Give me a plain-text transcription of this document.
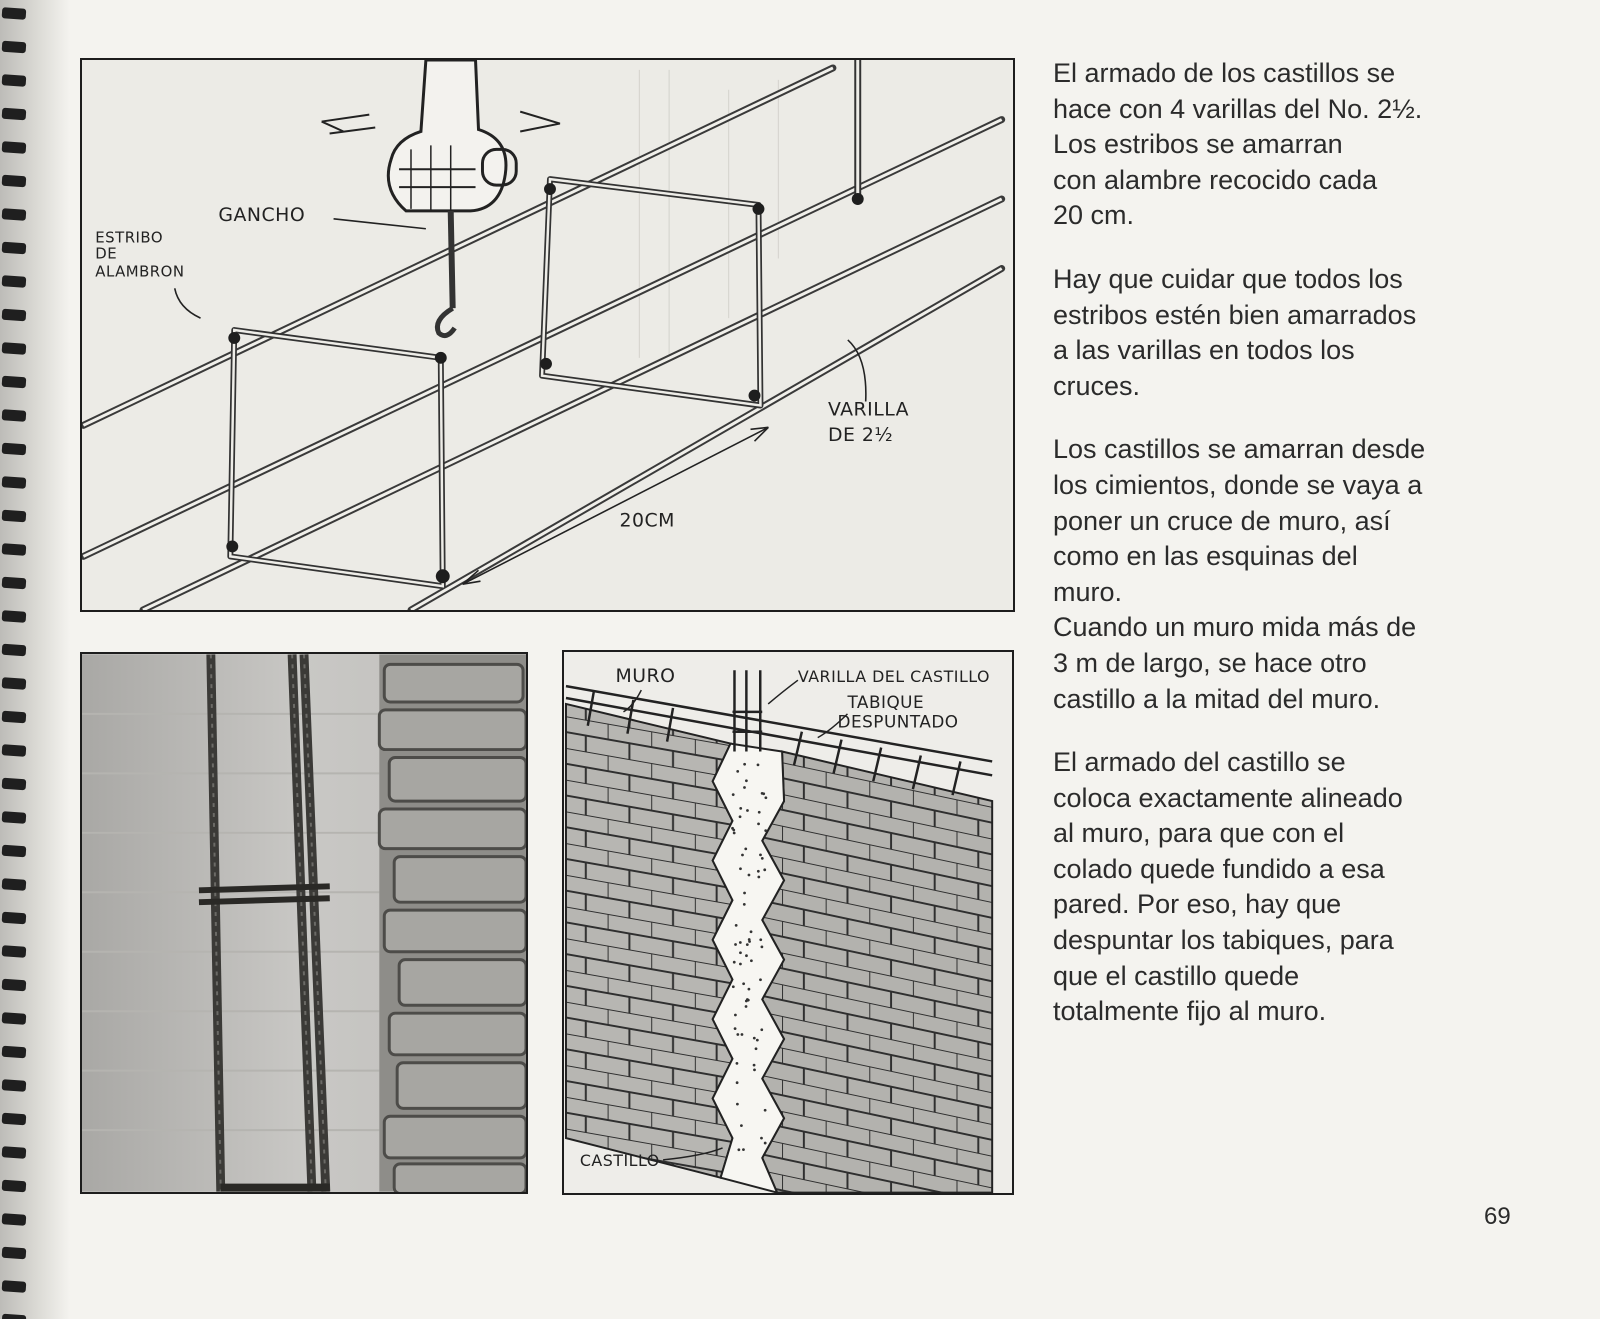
GANCHO
ESTRIBO
DE
ALAMBRON
VARILLA
DE 2½
20CM
MURO	VARILLA DEL CASTILLO
TABIQUE
DESPUNTADO
CASTILLO

El armado de los castillos se
hace con 4 varillas del No. 2½.
Los estribos se amarran
con alambre recocido cada
20 cm.

Hay que cuidar que todos los
estribos estén bien amarrados
a las varillas en todos los
cruces.

Los castillos se amarran desde
los cimientos, donde se vaya a
poner un cruce de muro, así
como en las esquinas del
muro.

Cuando un muro mida más de
3 m de largo, se hace otro
castillo a la mitad del muro.

El armado del castillo se
coloca exactamente alineado
al muro, para que con el
colado quede fundido a esa
pared. Por eso, hay que
despuntar los tabiques, para
que el castillo quede
totalmente fijo al muro.

69
